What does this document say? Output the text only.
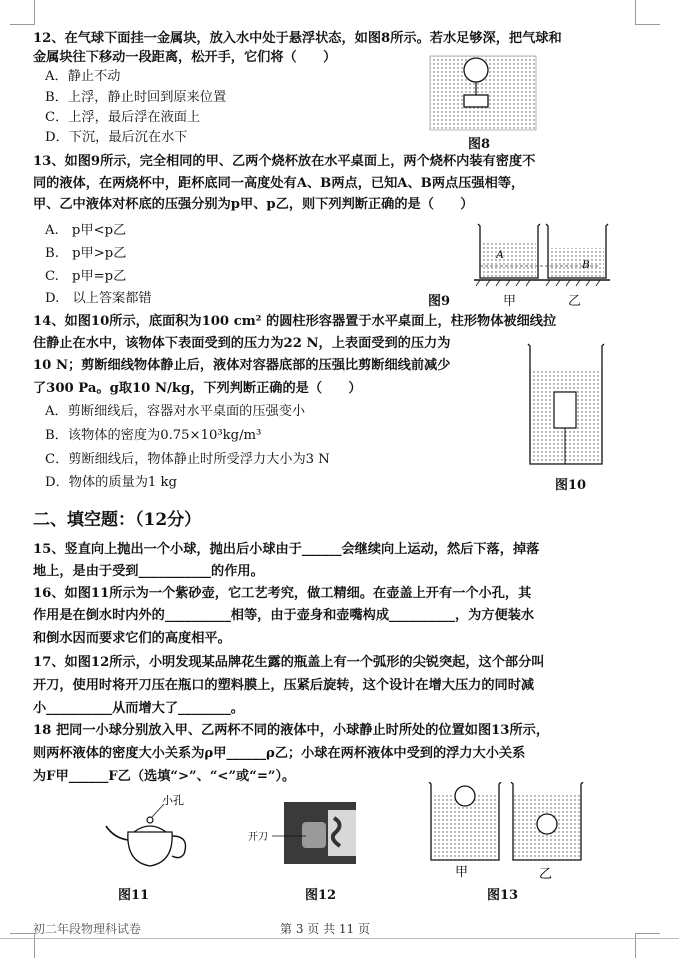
12、在气球下面挂一金属块，放入水中处于悬浮状态，如图8所示。若水足够深，把气球和
金属块往下移动一段距离，松开手，它们将（　　）
A．静止不动
B．上浮，静止时回到原来位置
C．上浮，最后浮在液面上
D．下沉，最后沉在水下	图8
13、如图9所示，完全相同的甲、乙两个烧杯放在水平桌面上，两个烧杯内装有密度不
同的液体，在两烧杯中，距杯底同一高度处有A、B两点，已知A、B两点压强相等，
甲、乙中液体对杯底的压强分别为p甲、p乙，则下列判断正确的是（　　）
A.　p甲<p乙
B.　p甲>p乙
C.　p甲=p乙
D.　以上答案都错
A
B
图9	甲	乙
14、如图10所示，底面积为100 cm² 的圆柱形容器置于水平桌面上，柱形物体被细线拉
住静止在水中，该物体下表面受到的压力为22 N，上表面受到的压力为
10 N；剪断细线物体静止后，液体对容器底部的压强比剪断细线前减少
了300 Pa。g取10 N/kg，下列判断正确的是（　　）
A．剪断细线后，容器对水平桌面的压强变小
B．该物体的密度为0.75×10³kg/m³
C．剪断细线后，物体静止时所受浮力大小为3 N
D．物体的质量为1 kg	图10
二、填空题：（12分）
15、竖直向上抛出一个小球，抛出后小球由于______会继续向上运动，然后下落，掉落
地上，是由于受到___________的作用。
16、如图11所示为一个紫砂壶，它工艺考究，做工精细。在壶盖上开有一个小孔，其
作用是在倒水时内外的__________相等，由于壶身和壶嘴构成__________，为方便装水
和倒水因而要求它们的高度相平。
17、如图12所示，小明发现某品牌花生露的瓶盖上有一个弧形的尖锐突起，这个部分叫
开刀，使用时将开刀压在瓶口的塑料膜上，压紧后旋转，这个设计在增大压力的同时减
小__________从而增大了________。
18 把同一小球分别放入甲、乙两杯不同的液体中，小球静止时所处的位置如图13所示，
则两杯液体的密度大小关系为ρ甲______ρ乙；小球在两杯液体中受到的浮力大小关系
为F甲______F乙（选填“>”、“<”或“=”）。
小孔
图11
开刀
图12
甲	乙
图13
初二年段物理科试卷	第 3 页 共 11 页
